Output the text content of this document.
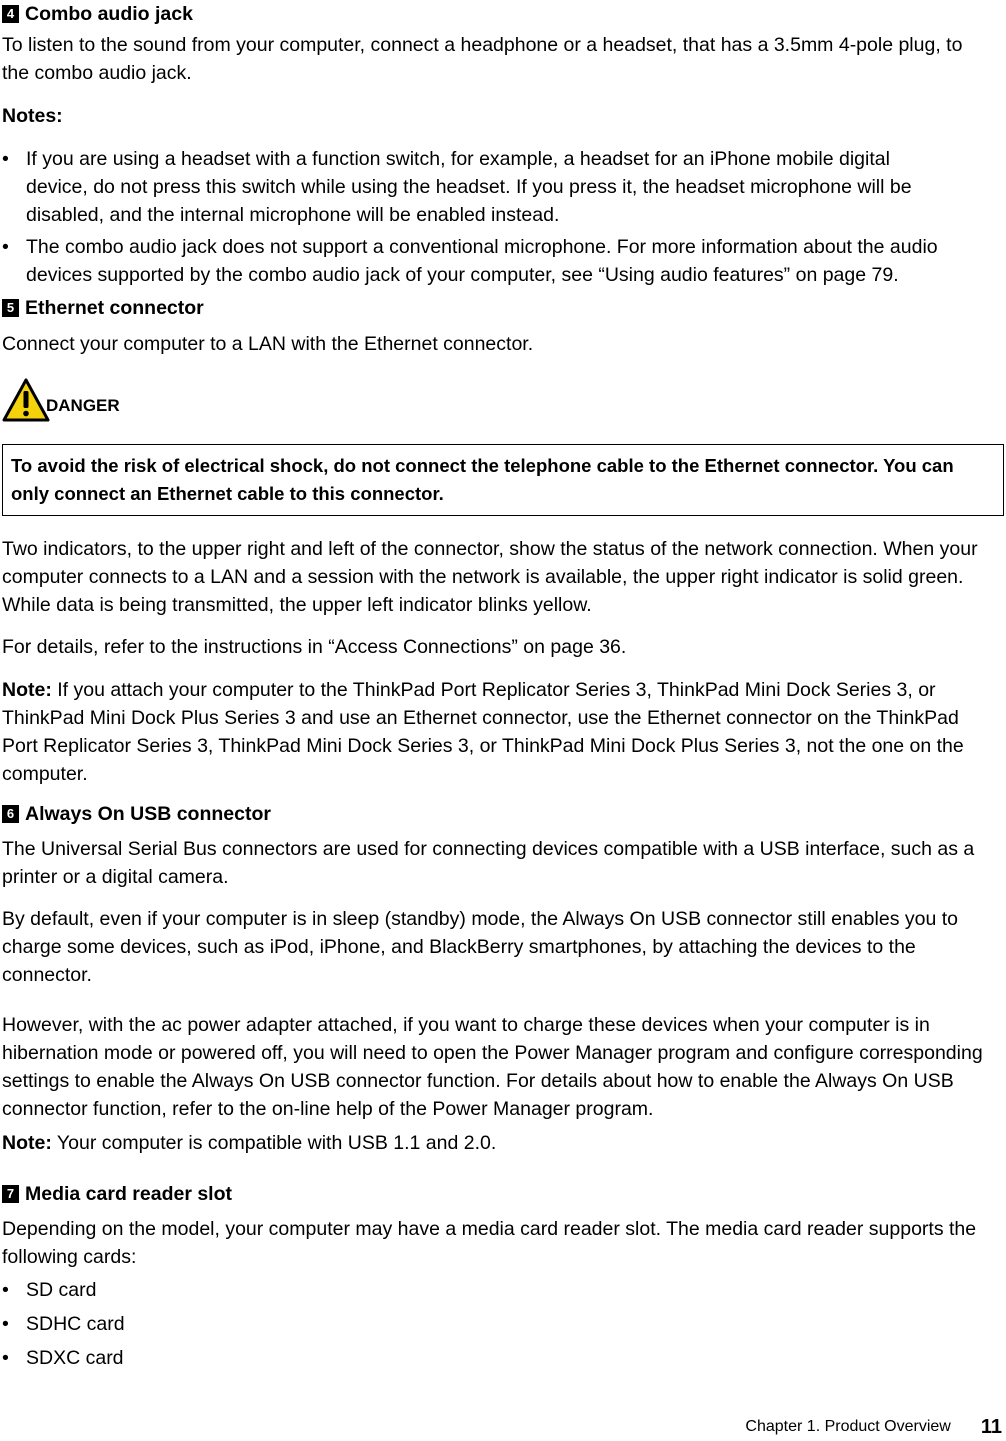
4 Combo audio jack

To listen to the sound from your computer, connect a headphone or a headset, that has a 3.5mm 4-pole plug, to the combo audio jack.

Notes:

• If you are using a headset with a function switch, for example, a headset for an iPhone mobile digital device, do not press this switch while using the headset. If you press it, the headset microphone will be disabled, and the internal microphone will be enabled instead.
• The combo audio jack does not support a conventional microphone. For more information about the audio devices supported by the combo audio jack of your computer, see “Using audio features” on page 79.
5 Ethernet connector

Connect your computer to a LAN with the Ethernet connector.

DANGER
To avoid the risk of electrical shock, do not connect the telephone cable to the Ethernet connector. You can only connect an Ethernet cable to this connector.

Two indicators, to the upper right and left of the connector, show the status of the network connection. When your computer connects to a LAN and a session with the network is available, the upper right indicator is solid green. While data is being transmitted, the upper left indicator blinks yellow.

For details, refer to the instructions in “Access Connections” on page 36.

Note: If you attach your computer to the ThinkPad Port Replicator Series 3, ThinkPad Mini Dock Series 3, or ThinkPad Mini Dock Plus Series 3 and use an Ethernet connector, use the Ethernet connector on the ThinkPad Port Replicator Series 3, ThinkPad Mini Dock Series 3, or ThinkPad Mini Dock Plus Series 3, not the one on the computer.

6 Always On USB connector

The Universal Serial Bus connectors are used for connecting devices compatible with a USB interface, such as a printer or a digital camera.

By default, even if your computer is in sleep (standby) mode, the Always On USB connector still enables you to charge some devices, such as iPod, iPhone, and BlackBerry smartphones, by attaching the devices to the connector.

However, with the ac power adapter attached, if you want to charge these devices when your computer is in hibernation mode or powered off, you will need to open the Power Manager program and configure corresponding settings to enable the Always On USB connector function. For details about how to enable the Always On USB connector function, refer to the on-line help of the Power Manager program.

Note: Your computer is compatible with USB 1.1 and 2.0.

7 Media card reader slot

Depending on the model, your computer may have a media card reader slot. The media card reader supports the following cards:

• SD card
• SDHC card
• SDXC card
Chapter 1. Product Overview 11
